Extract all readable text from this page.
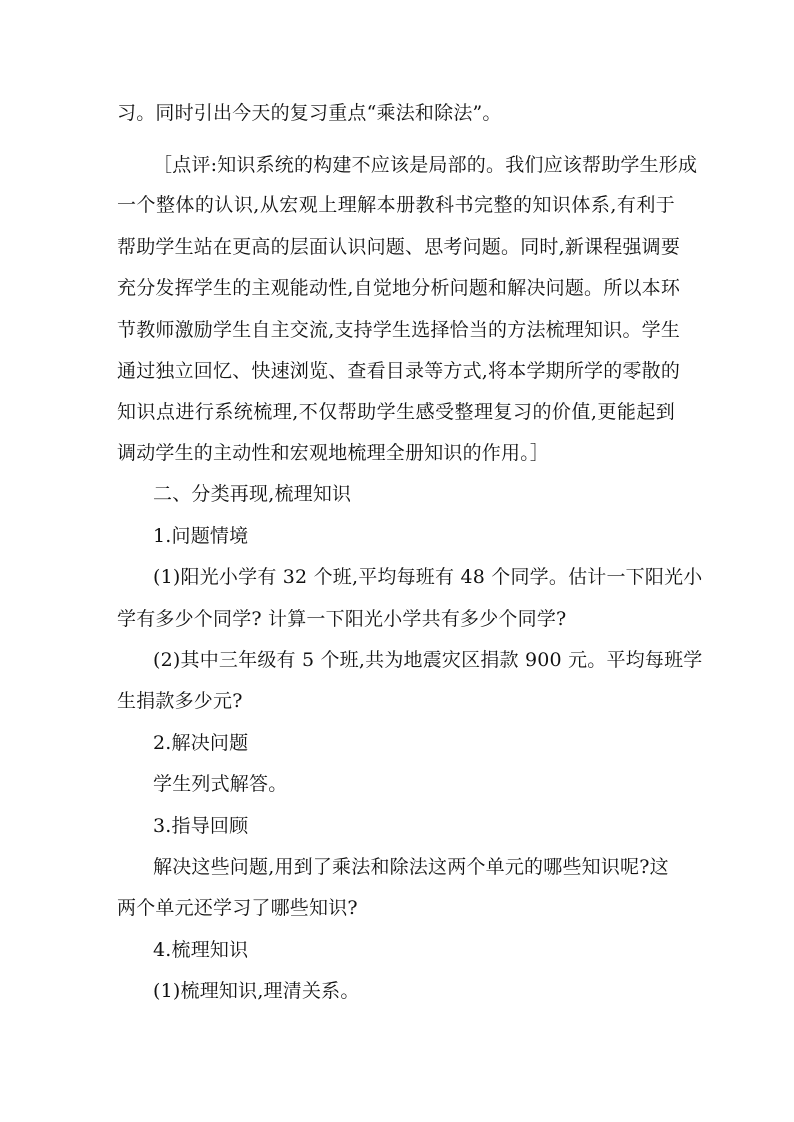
习。同时引出今天的复习重点“乘法和除法”。
［点评:知识系统的构建不应该是局部的。我们应该帮助学生形成
一个整体的认识,从宏观上理解本册教科书完整的知识体系,有利于
帮助学生站在更高的层面认识问题、思考问题。同时,新课程强调要
充分发挥学生的主观能动性,自觉地分析问题和解决问题。所以本环
节教师激励学生自主交流,支持学生选择恰当的方法梳理知识。学生
通过独立回忆、快速浏览、查看目录等方式,将本学期所学的零散的
知识点进行系统梳理,不仅帮助学生感受整理复习的价值,更能起到
调动学生的主动性和宏观地梳理全册知识的作用。］
二、分类再现,梳理知识
1.问题情境
(1)阳光小学有 32 个班,平均每班有 48 个同学。估计一下阳光小
学有多少个同学? 计算一下阳光小学共有多少个同学?
(2)其中三年级有 5 个班,共为地震灾区捐款 900 元。平均每班学
生捐款多少元?
2.解决问题
学生列式解答。
3.指导回顾
解决这些问题,用到了乘法和除法这两个单元的哪些知识呢?这
两个单元还学习了哪些知识?
4.梳理知识
(1)梳理知识,理清关系。
